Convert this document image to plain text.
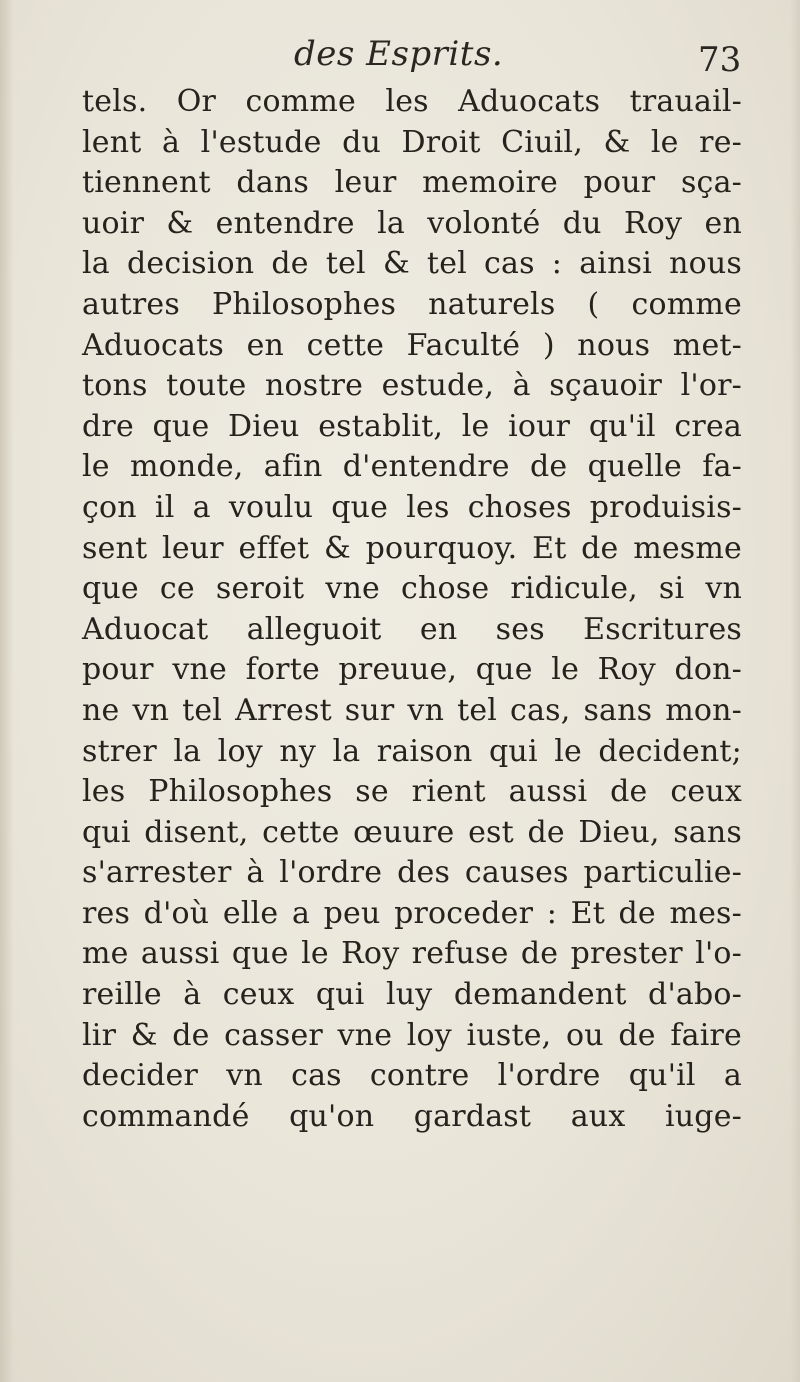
des Esprits.	73
tels. Or comme les Aduocats trauail-
lent à l'estude du Droit Ciuil, & le re-
tiennent dans leur memoire pour sça-
uoir & entendre la volonté du Roy en
la decision de tel & tel cas : ainsi nous
autres Philosophes naturels ( comme
Aduocats en cette Faculté ) nous met-
tons toute nostre estude, à sçauoir l'or-
dre que Dieu establit, le iour qu'il crea
le monde, afin d'entendre de quelle fa-
çon il a voulu que les choses produisis-
sent leur effet & pourquoy. Et de mesme
que ce seroit vne chose ridicule, si vn
Aduocat alleguoit en ses Escritures
pour vne forte preuue, que le Roy don-
ne vn tel Arrest sur vn tel cas, sans mon-
strer la loy ny la raison qui le decident;
les Philosophes se rient aussi de ceux
qui disent, cette œuure est de Dieu, sans
s'arrester à l'ordre des causes particulie-
res d'où elle a peu proceder : Et de mes-
me aussi que le Roy refuse de prester l'o-
reille à ceux qui luy demandent d'abo-
lir & de casser vne loy iuste, ou de faire
decider vn cas contre l'ordre qu'il a
commandé qu'on gardast aux iuge-
